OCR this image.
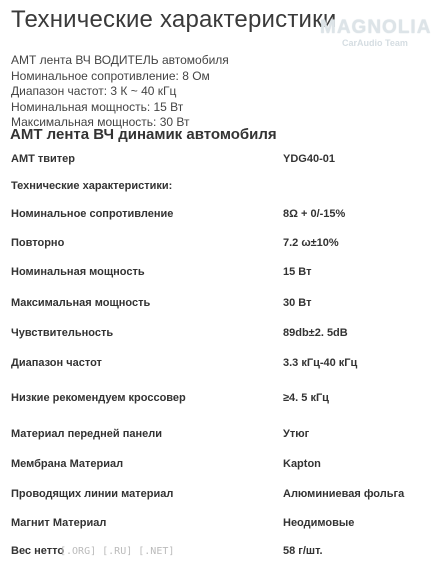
Технические характеристики
MAGNOLIA
CarAudio Team
АМТ лента ВЧ ВОДИТЕЛЬ автомобиля
Номинальное сопротивление: 8 Ом
Диапазон частот: 3 К ~ 40 кГц
Номинальная мощность: 15 Вт
Максимальная мощность: 30 Вт
АМТ лента ВЧ динамик автомобиля
АМТ твитер	YDG40-01
Технические характеристики:
Номинальное сопротивление	8Ω + 0/-15%
Повторно	7.2 ω±10%
Номинальная мощность	15 Вт
Максимальная мощность	30 Вт
Чувствительность	89db±2. 5dB
Диапазон частот	3.3 кГц-40 кГц
Низкие рекомендуем кроссовер	≥4. 5 кГц
Материал передней панели	Утюг
Мембрана Материал	Kapton
Проводящих линии материал	Алюминиевая фольга
Магнит Материал	Неодимовые
Вес нетто	58 г/шт.
[.ORG] [.RU] [.NET]
